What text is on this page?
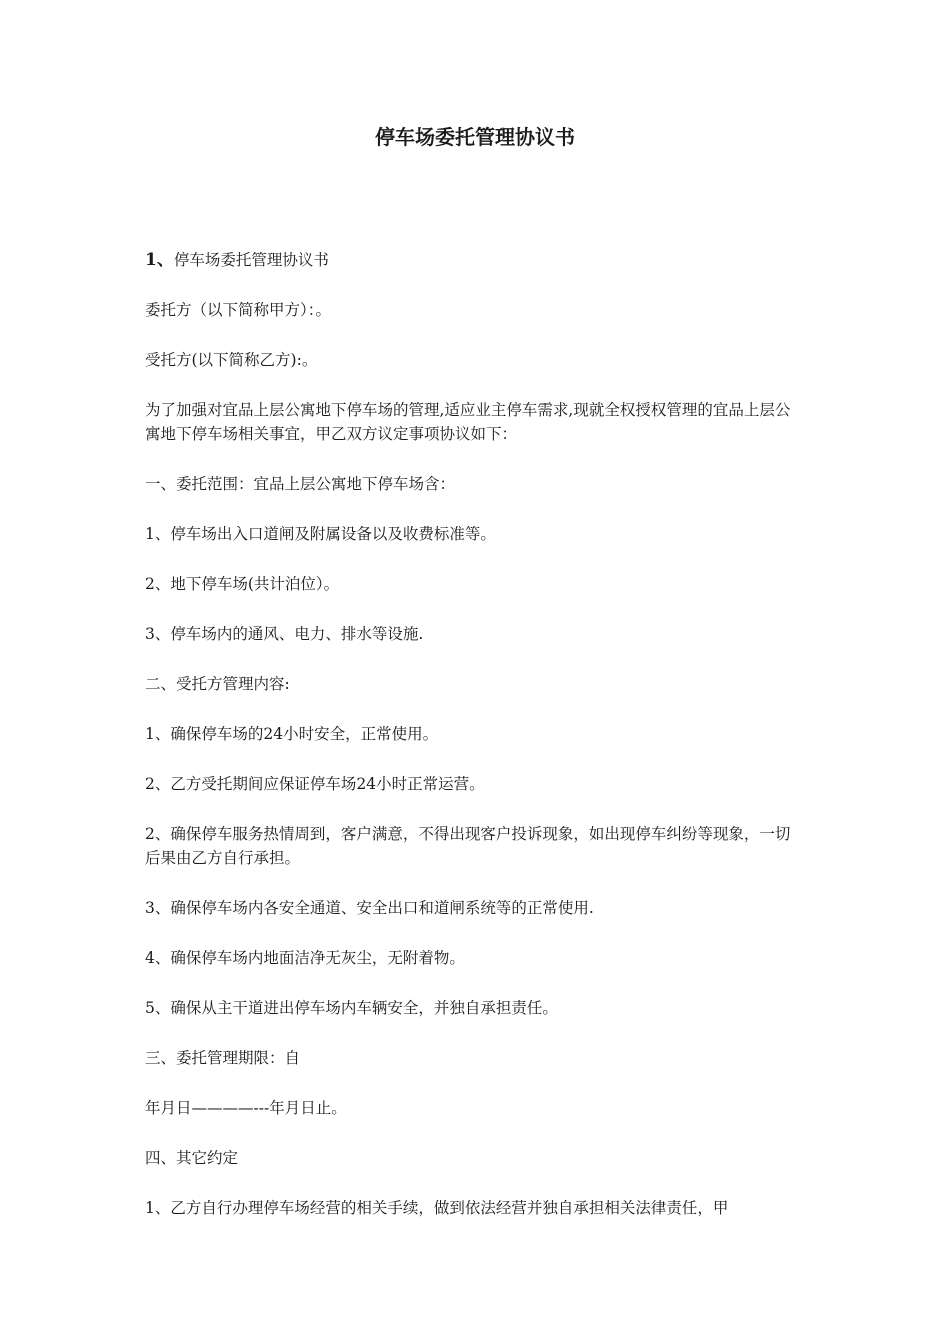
停车场委托管理协议书

1、停车场委托管理协议书

委托方（以下简称甲方）：。

受托方(以下简称乙方):。

为了加强对宜品上层公寓地下停车场的管理,适应业主停车需求,现就全权授权管理的宜品上层公寓地下停车场相关事宜，甲乙双方议定事项协议如下：

一、委托范围：宜品上层公寓地下停车场含：

1、停车场出入口道闸及附属设备以及收费标准等。

2、地下停车场(共计泊位）。

3、停车场内的通风、电力、排水等设施.

二、受托方管理内容:

1、确保停车场的24小时安全，正常使用。

2、乙方受托期间应保证停车场24小时正常运营。

2、确保停车服务热情周到，客户满意，不得出现客户投诉现象，如出现停车纠纷等现象，一切后果由乙方自行承担。

3、确保停车场内各安全通道、安全出口和道闸系统等的正常使用.

4、确保停车场内地面洁净无灰尘，无附着物。

5、确保从主干道进出停车场内车辆安全，并独自承担责任。

三、委托管理期限：自

年月日————---年月日止。

四、其它约定

1、乙方自行办理停车场经营的相关手续，做到依法经营并独自承担相关法律责任，甲
